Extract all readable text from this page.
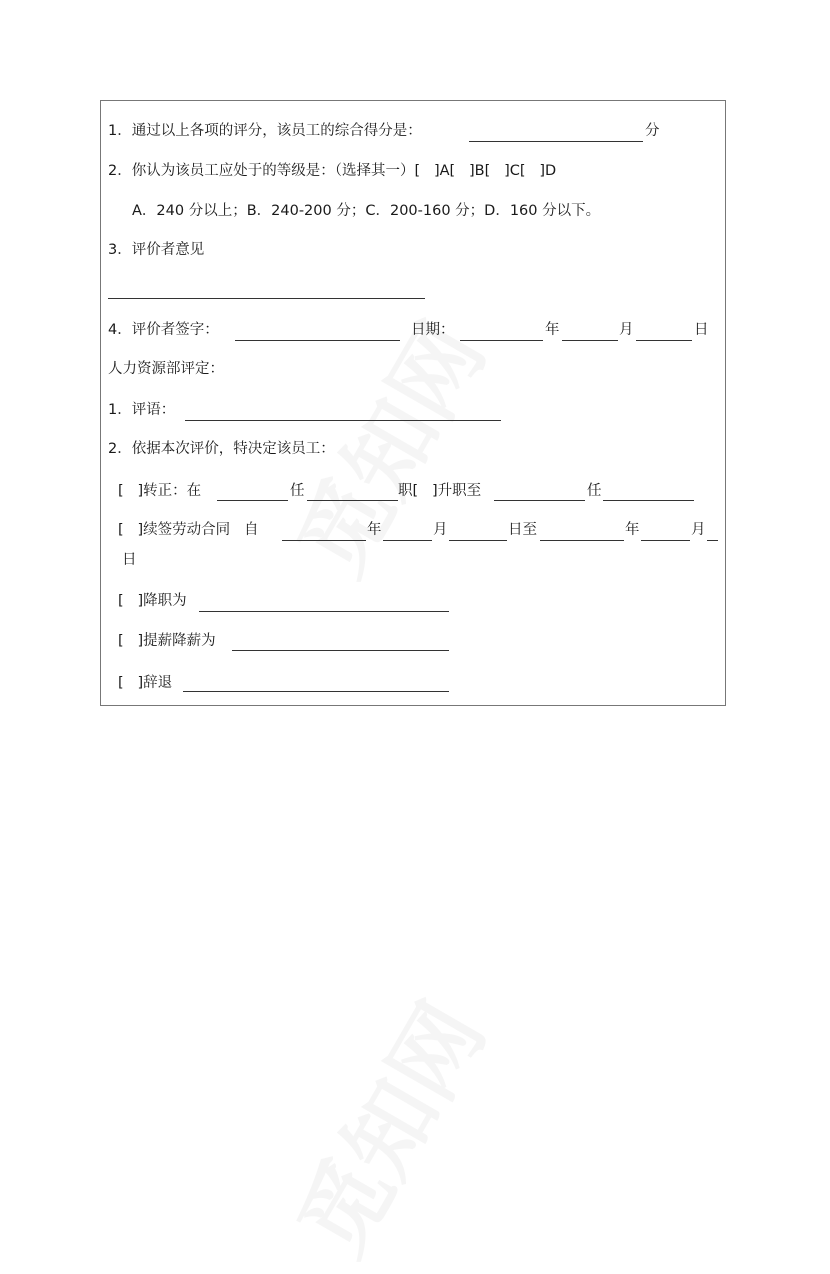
1．通过以上各项的评分，该员工的综合得分是：	分
2．你认为该员工应处于的等级是：（选择其一）[   ]A[   ]B[   ]C[   ]D
A．240 分以上；B．240-200 分；C．200-160 分；D．160 分以下。
3．评价者意见
4．评价者签字：	日期：	年	月	日
人力资源部评定：
1．评语：
2．依据本次评价，特决定该员工：
[   ]转正：在	任	职[   ]升职至	任
[   ]续签劳动合同   自	年	月	日至	年	月
日
[   ]降职为
[   ]提薪降薪为
[   ]辞退
